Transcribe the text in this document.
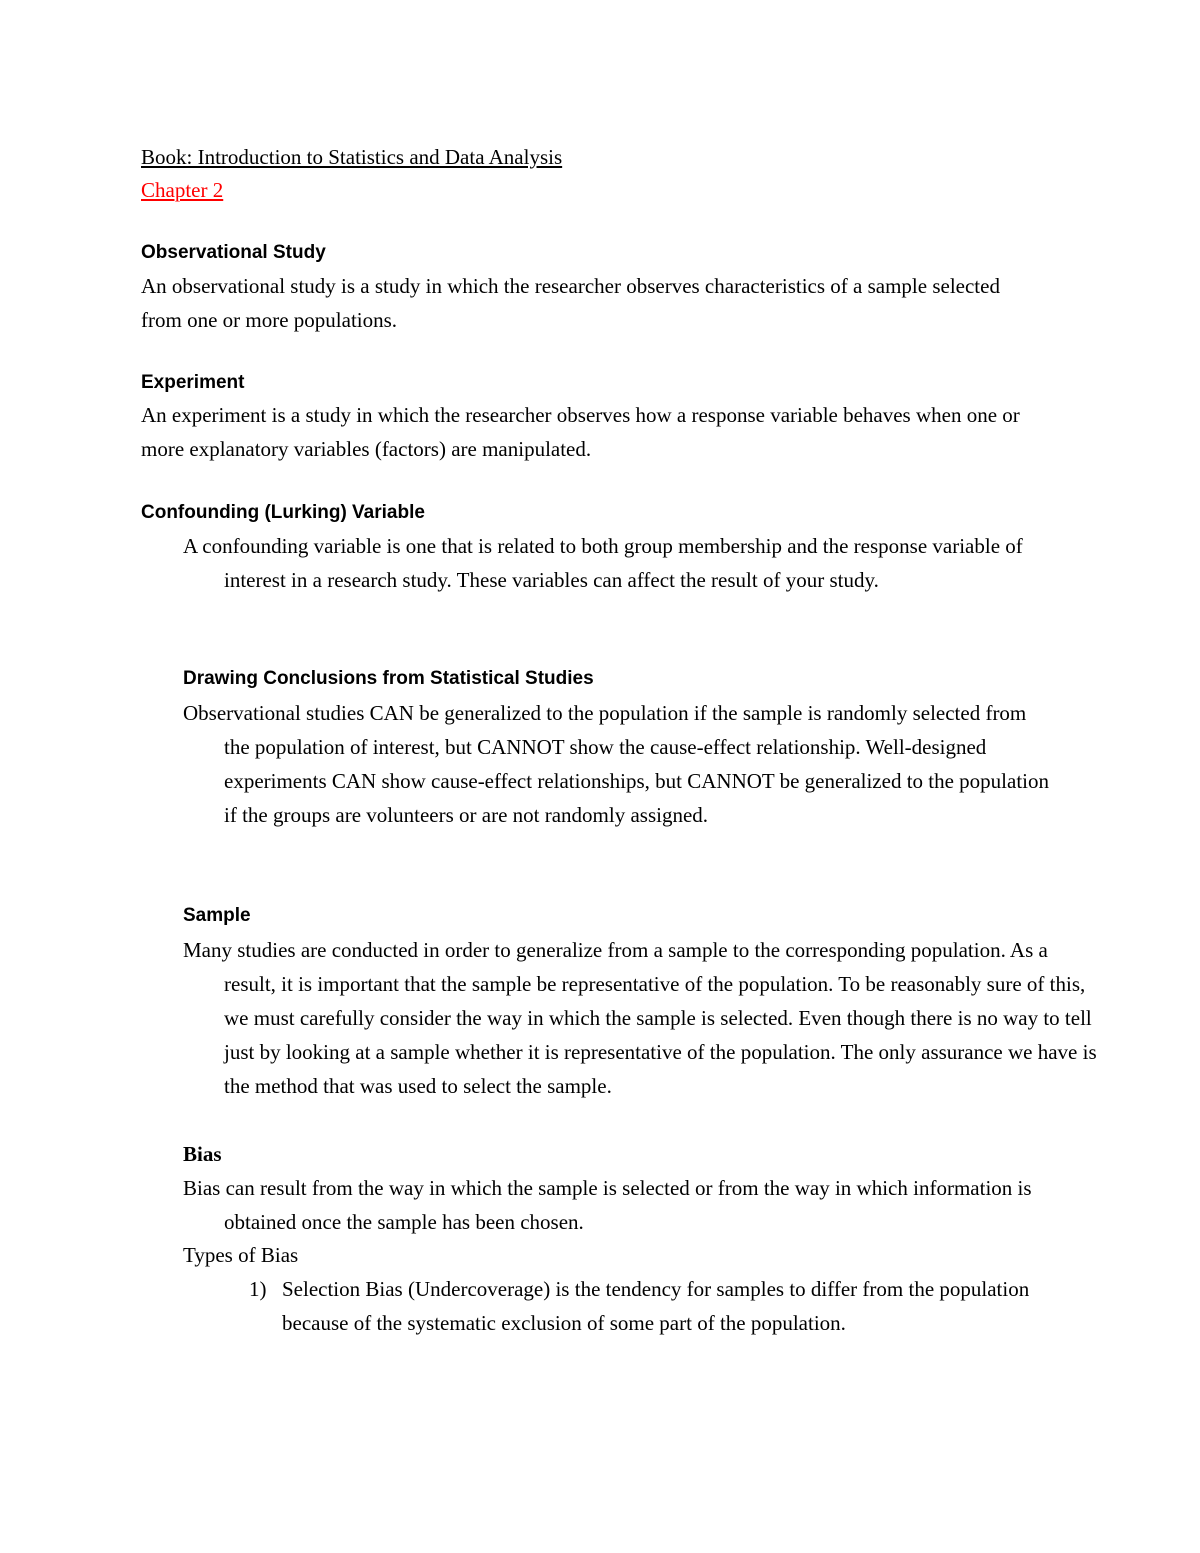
Book: Introduction to Statistics and Data Analysis
Chapter 2
Observational Study

An observational study is a study in which the researcher observes characteristics of a sample selected from one or more populations.

Experiment

An experiment is a study in which the researcher observes how a response variable behaves when one or more explanatory variables (factors) are manipulated.

Confounding (Lurking) Variable

A confounding variable is one that is related to both group membership and the response variable of interest in a research study. These variables can affect the result of your study.

Drawing Conclusions from Statistical Studies

Observational studies CAN be generalized to the population if the sample is randomly selected from the population of interest, but CANNOT show the cause-effect relationship. Well-designed experiments CAN show cause-effect relationships, but CANNOT be generalized to the population if the groups are volunteers or are not randomly assigned.

Sample

Many studies are conducted in order to generalize from a sample to the corresponding population. As a result, it is important that the sample be representative of the population. To be reasonably sure of this, we must carefully consider the way in which the sample is selected. Even though there is no way to tell just by looking at a sample whether it is representative of the population. The only assurance we have is the method that was used to select the sample.

Bias

Bias can result from the way in which the sample is selected or from the way in which information is obtained once the sample has been chosen.

Types of Bias
1) Selection Bias (Undercoverage) is the tendency for samples to differ from the population because of the systematic exclusion of some part of the population.
